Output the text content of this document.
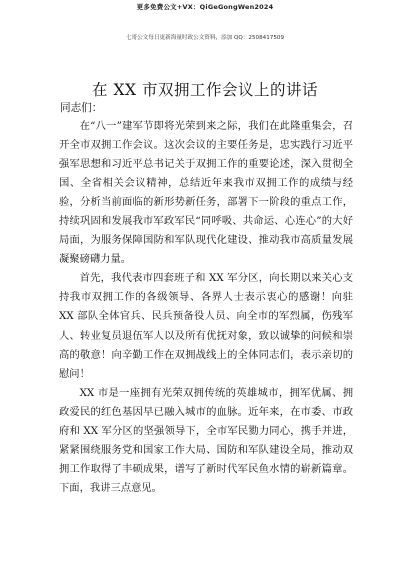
更多免费公文+VX：QiGeGongWen2024
七哥公文每日更新海量时政公文资料，添加 QQ：2508417509
在 XX 市双拥工作会议上的讲话
同志们：

在“八一”建军节即将光荣到来之际，我们在此隆重集会，召开全市双拥工作会议。这次会议的主要任务是，忠实践行习近平强军思想和习近平总书记关于双拥工作的重要论述，深入贯彻全国、全省相关会议精神，总结近年来我市双拥工作的成绩与经验，分析当前面临的新形势新任务，部署下一阶段的重点工作，持续巩固和发展我市军政军民“同呼吸、共命运、心连心”的大好局面，为服务保障国防和军队现代化建设、推动我市高质量发展凝聚磅礴力量。

首先，我代表市四套班子和 XX 军分区，向长期以来关心支持我市双拥工作的各级领导、各界人士表示衷心的感谢！向驻 XX 部队全体官兵、民兵预备役人员、向全市的军烈属，伤残军人、转业复员退伍军人以及所有优抚对象，致以诚挚的问候和崇高的敬意！向辛勤工作在双拥战线上的全体同志们，表示亲切的慰问！

XX 市是一座拥有光荣双拥传统的英雄城市，拥军优属、拥政爱民的红色基因早已融入城市的血脉。近年来，在市委、市政府和 XX 军分区的坚强领导下，全市军民勠力同心，携手并进，紧紧围绕服务党和国家工作大局、国防和军队建设全局，推动双拥工作取得了丰硕成果，谱写了新时代军民鱼水情的崭新篇章。下面，我讲三点意见。
